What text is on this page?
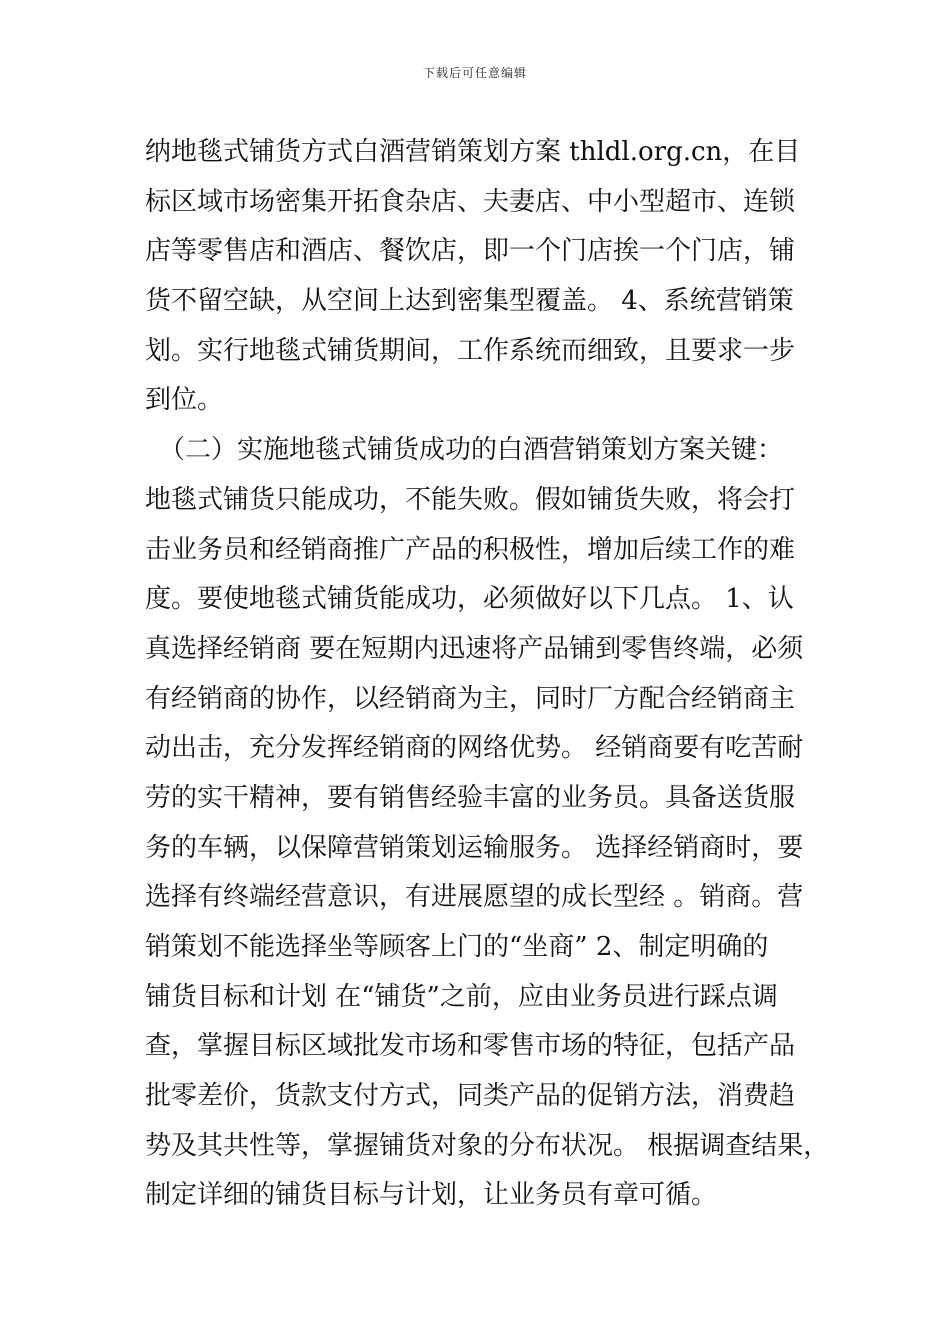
下载后可任意编辑
纳地毯式铺货方式白酒营销策划方案 thldl.org.cn，在目
标区域市场密集开拓食杂店、夫妻店、中小型超市、连锁
店等零售店和酒店、餐饮店，即一个门店挨一个门店，铺
货不留空缺，从空间上达到密集型覆盖。 4、系统营销策
划。实行地毯式铺货期间，工作系统而细致，且要求一步
到位。
（二）实施地毯式铺货成功的白酒营销策划方案关键：
地毯式铺货只能成功，不能失败。假如铺货失败，将会打
击业务员和经销商推广产品的积极性，增加后续工作的难
度。要使地毯式铺货能成功，必须做好以下几点。 1、认
真选择经销商 要在短期内迅速将产品铺到零售终端，必须
有经销商的协作，以经销商为主，同时厂方配合经销商主
动出击，充分发挥经销商的网络优势。 经销商要有吃苦耐
劳的实干精神，要有销售经验丰富的业务员。具备送货服
务的车辆，以保障营销策划运输服务。 选择经销商时，要
选择有终端经营意识，有进展愿望的成长型经 。销商。营
销策划不能选择坐等顾客上门的“坐商” 2、制定明确的
铺货目标和计划 在“铺货”之前，应由业务员进行踩点调
查，掌握目标区域批发市场和零售市场的特征，包括产品
批零差价，货款支付方式，同类产品的促销方法，消费趋
势及其共性等，掌握铺货对象的分布状况。 根据调查结果，
制定详细的铺货目标与计划，让业务员有章可循。
